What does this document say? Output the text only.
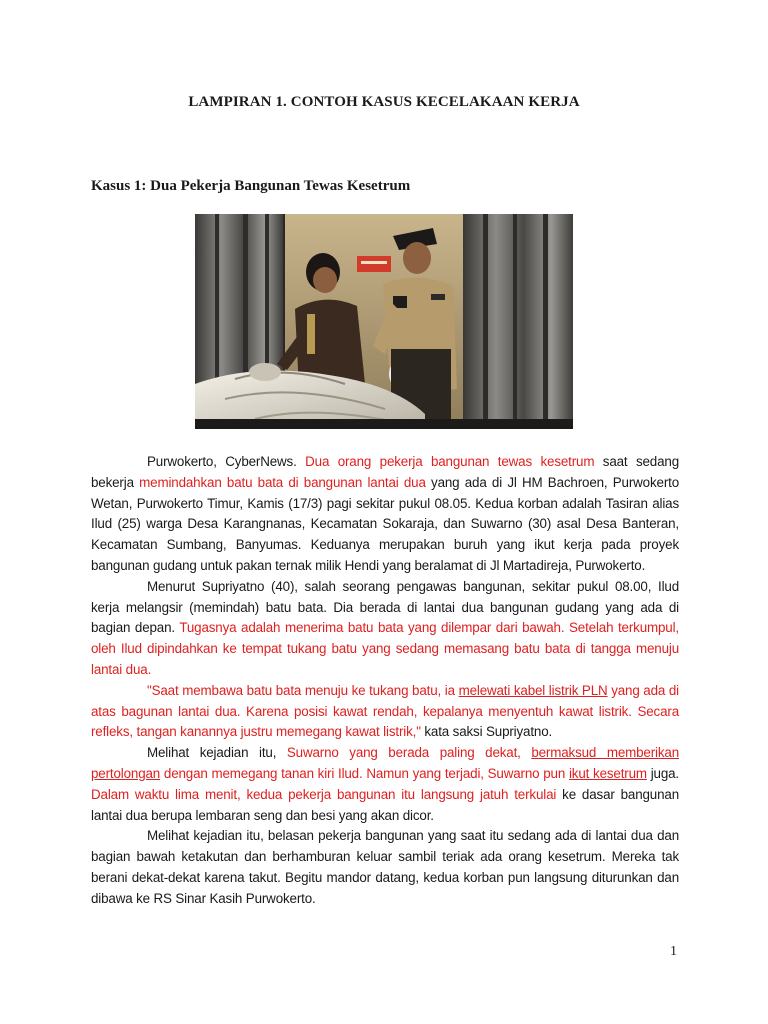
LAMPIRAN 1. CONTOH KASUS KECELAKAAN KERJA
Kasus 1: Dua Pekerja Bangunan Tewas Kesetrum

Purwokerto, CyberNews. Dua orang pekerja bangunan tewas kesetrum saat sedang bekerja memindahkan batu bata di bangunan lantai dua yang ada di Jl HM Bachroen, Purwokerto Wetan, Purwokerto Timur, Kamis (17/3) pagi sekitar pukul 08.05. Kedua korban adalah Tasiran alias Ilud (25) warga Desa Karangnanas, Kecamatan Sokaraja, dan Suwarno (30) asal Desa Banteran, Kecamatan Sumbang, Banyumas. Keduanya merupakan buruh yang ikut kerja pada proyek bangunan gudang untuk pakan ternak milik Hendi yang beralamat di Jl Martadireja, Purwokerto.

Menurut Supriyatno (40), salah seorang pengawas bangunan, sekitar pukul 08.00, Ilud kerja melangsir (memindah) batu bata. Dia berada di lantai dua bangunan gudang yang ada di bagian depan. Tugasnya adalah menerima batu bata yang dilempar dari bawah. Setelah terkumpul, oleh Ilud dipindahkan ke tempat tukang batu yang sedang memasang batu bata di tangga menuju lantai dua.

"Saat membawa batu bata menuju ke tukang batu, ia melewati kabel listrik PLN yang ada di atas bagunan lantai dua. Karena posisi kawat rendah, kepalanya menyentuh kawat listrik. Secara refleks, tangan kanannya justru memegang kawat listrik," kata saksi Supriyatno.

Melihat kejadian itu, Suwarno yang berada paling dekat, bermaksud memberikan pertolongan dengan memegang tanan kiri Ilud. Namun yang terjadi, Suwarno pun ikut kesetrum juga. Dalam waktu lima menit, kedua pekerja bangunan itu langsung jatuh terkulai ke dasar bangunan lantai dua berupa lembaran seng dan besi yang akan dicor.

Melihat kejadian itu, belasan pekerja bangunan yang saat itu sedang ada di lantai dua dan bagian bawah ketakutan dan berhamburan keluar sambil teriak ada orang kesetrum. Mereka tak berani dekat-dekat karena takut. Begitu mandor datang, kedua korban pun langsung diturunkan dan dibawa ke RS Sinar Kasih Purwokerto.

1
